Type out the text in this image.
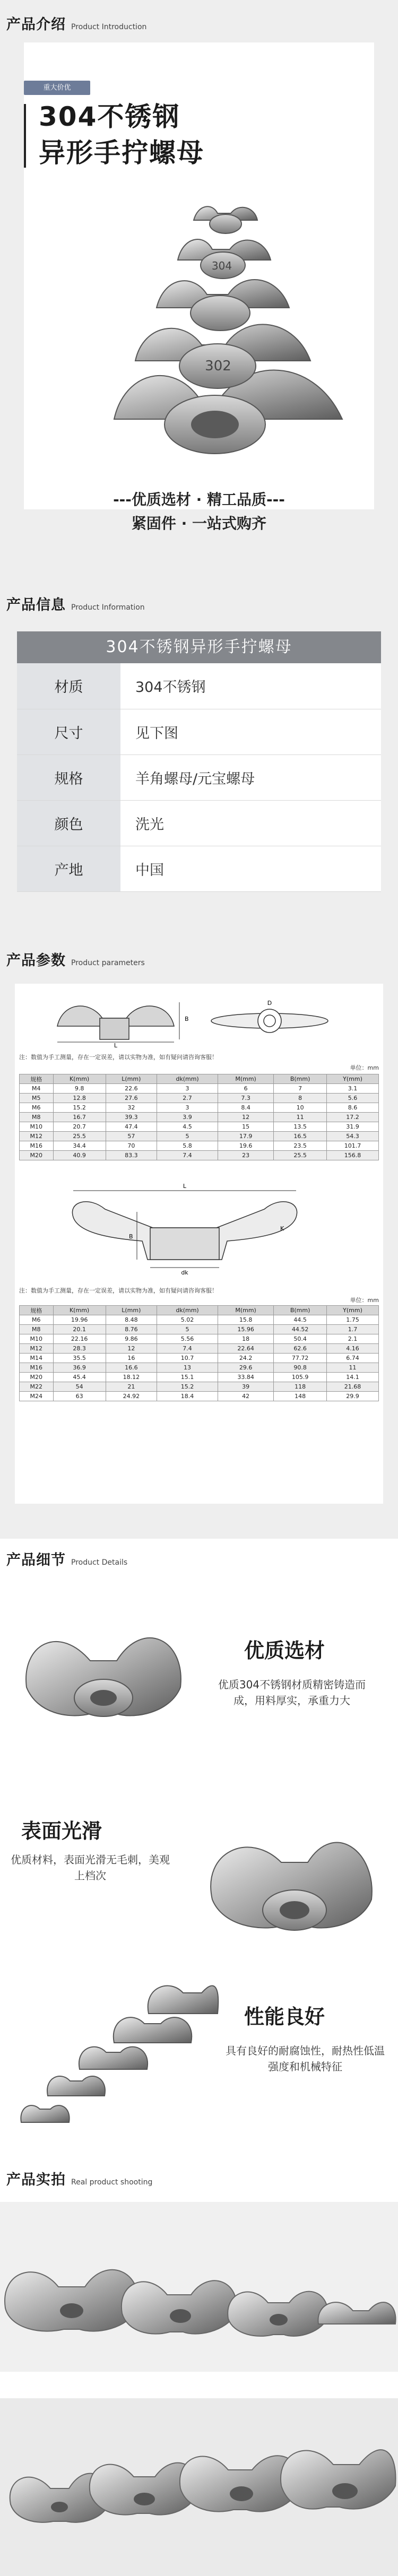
产品介绍 Product Introduction
重大价优
304不锈钢
异形手拧螺母
304
302
---优质选材 · 精工品质---
紧固件 · 一站式购齐
产品信息 Product Information
304不锈钢异形手拧螺母
材质	304不锈钢
尺寸	见下图
规格	羊角螺母/元宝螺母
颜色	洗光
产地	中国
产品参数 Product parameters
L
B
D
注：数值为手工测量，存在一定误差，请以实物为准，如有疑问请咨询客服！
单位：mm
规格	K(mm)	L(mm)	dk(mm)	M(mm)	B(mm)	Y(mm)
M4	9.8	22.6	3	6	7	3.1
M5	12.8	27.6	2.7	7.3	8	5.6
M6	15.2	32	3	8.4	10	8.6
M8	16.7	39.3	3.9	12	11	17.2
M10	20.7	47.4	4.5	15	13.5	31.9
M12	25.5	57	5	17.9	16.5	54.3
M16	34.4	70	5.8	19.6	23.5	101.7
M20	40.9	83.3	7.4	23	25.5	156.8
L
B
dk
K
注：数值为手工测量，存在一定误差，请以实物为准，如有疑问请咨询客服！
单位：mm
规格	K(mm)	L(mm)	dk(mm)	M(mm)	B(mm)	Y(mm)
M6	19.96	8.48	5.02	15.8	44.5	1.75
M8	20.1	8.76	5	15.96	44.52	1.7
M10	22.16	9.86	5.56	18	50.4	2.1
M12	28.3	12	7.4	22.64	62.6	4.16
M14	35.5	16	10.7	24.2	77.72	6.74
M16	36.9	16.6	13	29.6	90.8	11
M20	45.4	18.12	15.1	33.84	105.9	14.1
M22	54	21	15.2	39	118	21.68
M24	63	24.92	18.4	42	148	29.9
产品细节 Product Details
优质选材
优质304不锈钢材质精密铸造而成，用料厚实，承重力大
表面光滑
优质材料，表面光滑无毛刺，美观上档次
性能良好
具有良好的耐腐蚀性，耐热性低温强度和机械特征
产品实拍 Real product shooting
